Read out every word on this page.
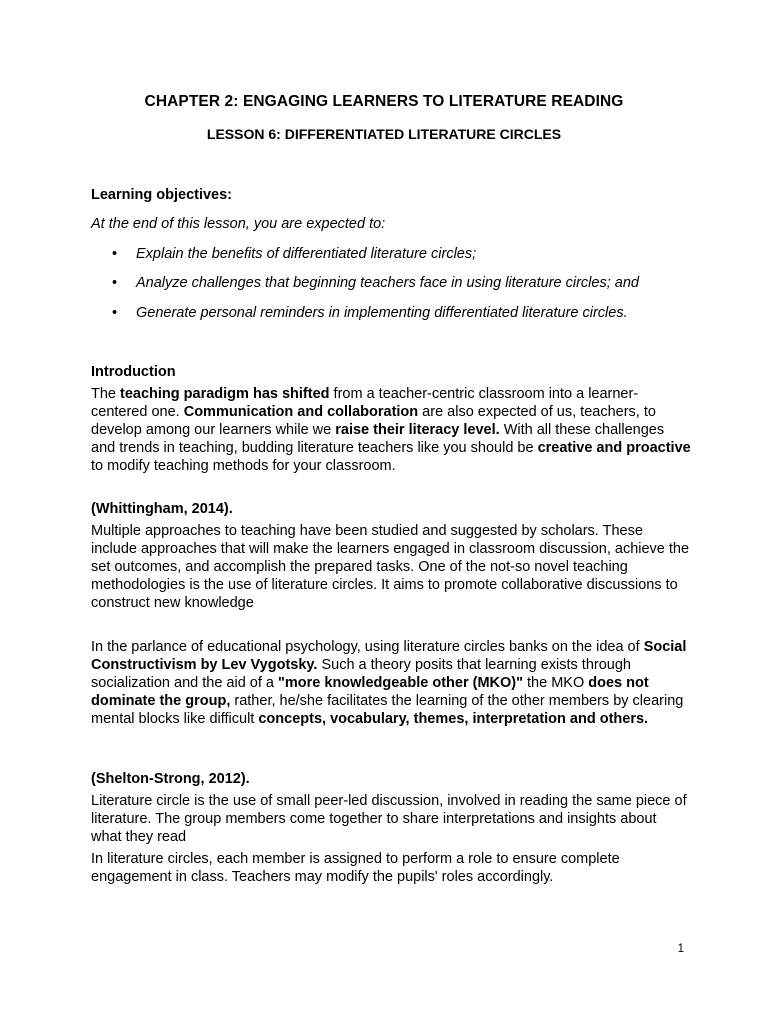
CHAPTER 2: ENGAGING LEARNERS TO LITERATURE READING
LESSON 6: DIFFERENTIATED LITERATURE CIRCLES
Learning objectives:
At the end of this lesson, you are expected to:
• Explain the benefits of differentiated literature circles;
• Analyze challenges that beginning teachers face in using literature circles; and
• Generate personal reminders in implementing differentiated literature circles.
Introduction
The teaching paradigm has shifted from a teacher-centric classroom into a learner-centered one. Communication and collaboration are also expected of us, teachers, to develop among our learners while we raise their literacy level. With all these challenges and trends in teaching, budding literature teachers like you should be creative and proactive to modify teaching methods for your classroom.
(Whittingham, 2014).
Multiple approaches to teaching have been studied and suggested by scholars. These include approaches that will make the learners engaged in classroom discussion, achieve the set outcomes, and accomplish the prepared tasks. One of the not-so novel teaching methodologies is the use of literature circles. It aims to promote collaborative discussions to construct new knowledge
In the parlance of educational psychology, using literature circles banks on the idea of Social Constructivism by Lev Vygotsky. Such a theory posits that learning exists through socialization and the aid of a "more knowledgeable other (MKO)" the MKO does not dominate the group, rather, he/she facilitates the learning of the other members by clearing mental blocks like difficult concepts, vocabulary, themes, interpretation and others.
(Shelton-Strong, 2012).
Literature circle is the use of small peer-led discussion, involved in reading the same piece of literature. The group members come together to share interpretations and insights about what they read
In literature circles, each member is assigned to perform a role to ensure complete engagement in class. Teachers may modify the pupils' roles accordingly.
1
